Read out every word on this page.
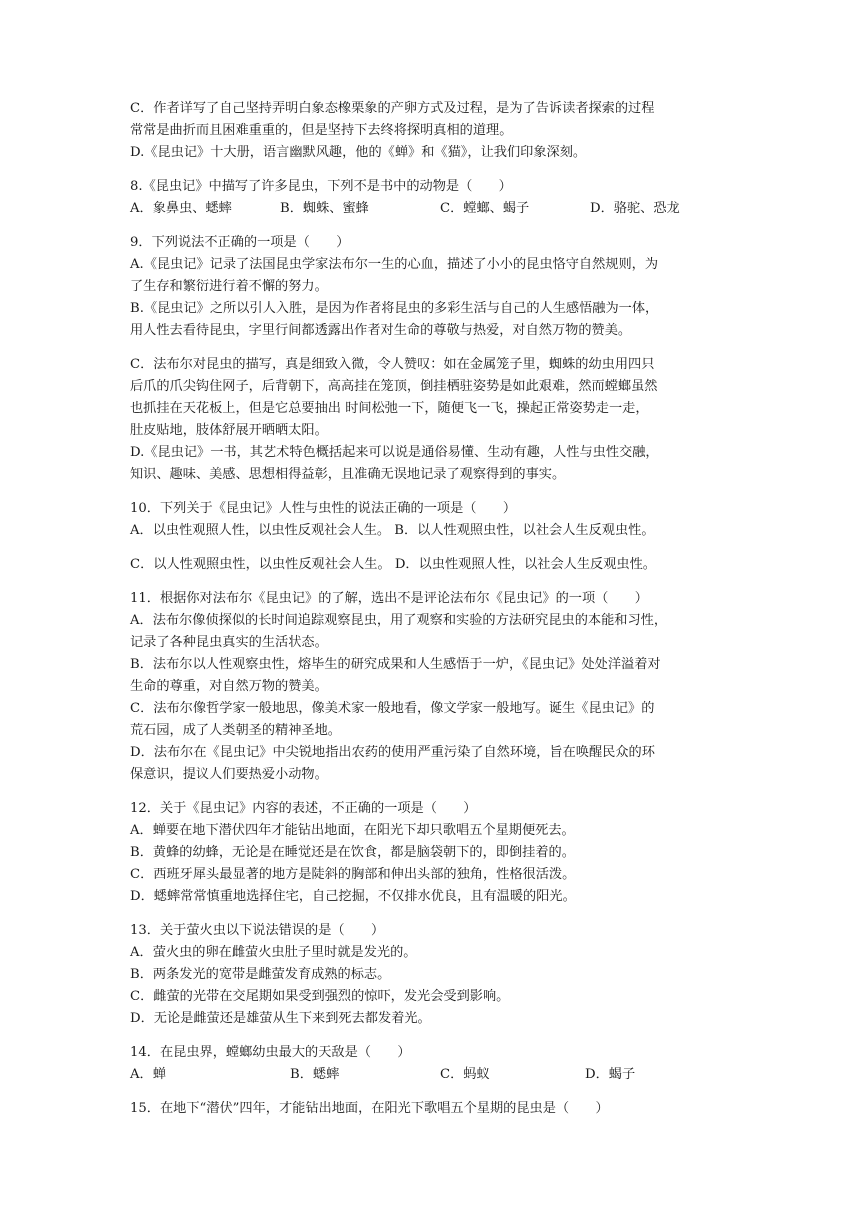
C．作者详写了自己坚持弄明白象态橡栗象的产卵方式及过程，是为了告诉读者探索的过程
常常是曲折而且困难重重的，但是坚持下去终将探明真相的道理。
D.《昆虫记》十大册，语言幽默风趣，他的《蝉》和《猫》，让我们印象深刻。
8.《昆虫记》中描写了许多昆虫，下列不是书中的动物是（　　）
A．象鼻虫、蟋蟀	B．蜘蛛、蜜蜂	C．螳螂、蝎子	D．骆驼、恐龙
9．下列说法不正确的一项是（　　）
A.《昆虫记》记录了法国昆虫学家法布尔一生的心血，描述了小小的昆虫恪守自然规则，为
了生存和繁衍进行着不懈的努力。
B.《昆虫记》之所以引人入胜，是因为作者将昆虫的多彩生活与自己的人生感悟融为一体，
用人性去看待昆虫，字里行间都透露出作者对生命的尊敬与热爱，对自然万物的赞美。
C．法布尔对昆虫的描写，真是细致入微，令人赞叹：如在金属笼子里，蜘蛛的幼虫用四只
后爪的爪尖钩住网子，后背朝下，高高挂在笼顶，倒挂栖驻姿势是如此艰难，然而螳螂虽然
也抓挂在天花板上，但是它总要抽出 时间松弛一下，随便飞一飞，操起正常姿势走一走，
肚皮贴地，肢体舒展开晒晒太阳。
D.《昆虫记》一书，其艺术特色概括起来可以说是通俗易懂、生动有趣，人性与虫性交融，
知识、趣味、美感、思想相得益彰，且准确无误地记录了观察得到的事实。
10．下列关于《昆虫记》人性与虫性的说法正确的一项是（　　）
A．以虫性观照人性，以虫性反观社会人生。 B．以人性观照虫性，以社会人生反观虫性。
C．以人性观照虫性，以虫性反观社会人生。 D．以虫性观照人性，以社会人生反观虫性。
11．根据你对法布尔《昆虫记》的了解，选出不是评论法布尔《昆虫记》的一项（　　）
A．法布尔像侦探似的长时间追踪观察昆虫，用了观察和实验的方法研究昆虫的本能和习性，
记录了各种昆虫真实的生活状态。
B．法布尔以人性观察虫性，熔毕生的研究成果和人生感悟于一炉，《昆虫记》处处洋溢着对
生命的尊重，对自然万物的赞美。
C．法布尔像哲学家一般地思，像美术家一般地看，像文学家一般地写。诞生《昆虫记》的
荒石园，成了人类朝圣的精神圣地。
D．法布尔在《昆虫记》中尖锐地指出农药的使用严重污染了自然环境，旨在唤醒民众的环
保意识，提议人们要热爱小动物。
12．关于《昆虫记》内容的表述，不正确的一项是（　　）
A．蝉要在地下潜伏四年才能钻出地面，在阳光下却只歌唱五个星期便死去。
B．黄蜂的幼蜂，无论是在睡觉还是在饮食，都是脑袋朝下的，即倒挂着的。
C．西班牙犀头最显著的地方是陡斜的胸部和伸出头部的独角，性格很活泼。
D．蟋蟀常常慎重地选择住宅，自己挖掘，不仅排水优良，且有温暖的阳光。
13．关于萤火虫以下说法错误的是（　　）
A．萤火虫的卵在雌萤火虫肚子里时就是发光的。
B．两条发光的宽带是雌萤发育成熟的标志。
C．雌萤的光带在交尾期如果受到强烈的惊吓，发光会受到影响。
D．无论是雌萤还是雄萤从生下来到死去都发着光。
14．在昆虫界，螳螂幼虫最大的天敌是（　　）
A．蝉	B．蟋蟀	C．蚂蚁	D．蝎子
15．在地下“潜伏”四年，才能钻出地面，在阳光下歌唱五个星期的昆虫是（　　）
